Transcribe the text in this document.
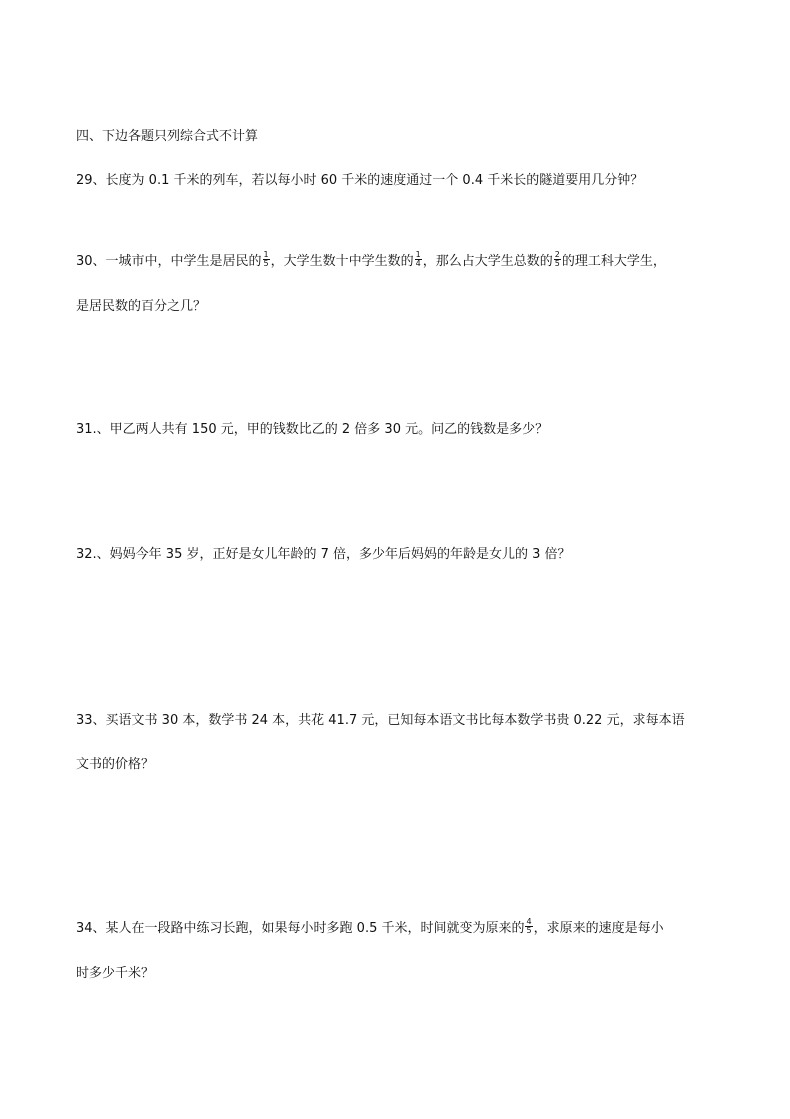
四、下边各题只列综合式不计算
29、长度为 0.1 千米的列车，若以每小时 60 千米的速度通过一个 0.4 千米长的隧道要用几分钟？
30、一城市中，中学生是居民的 $\frac{1}{5}$ ，大学生数十中学生数的 $\frac{1}{4}$ ，那么占大学生总数的 $\frac{2}{5}$ 的理工科大学生，
是居民数的百分之几？
31.、甲乙两人共有 150 元，甲的钱数比乙的 2 倍多 30 元。问乙的钱数是多少？
32.、妈妈今年 35 岁，正好是女儿年龄的 7 倍，多少年后妈妈的年龄是女儿的 3 倍？
33、买语文书 30 本，数学书 24 本，共花 41.7 元，已知每本语文书比每本数学书贵 0.22 元，求每本语
文书的价格？
34、某人在一段路中练习长跑，如果每小时多跑 0.5 千米，时间就变为原来的 $\frac{4}{5}$ ，求原来的速度是每小
时多少千米？
